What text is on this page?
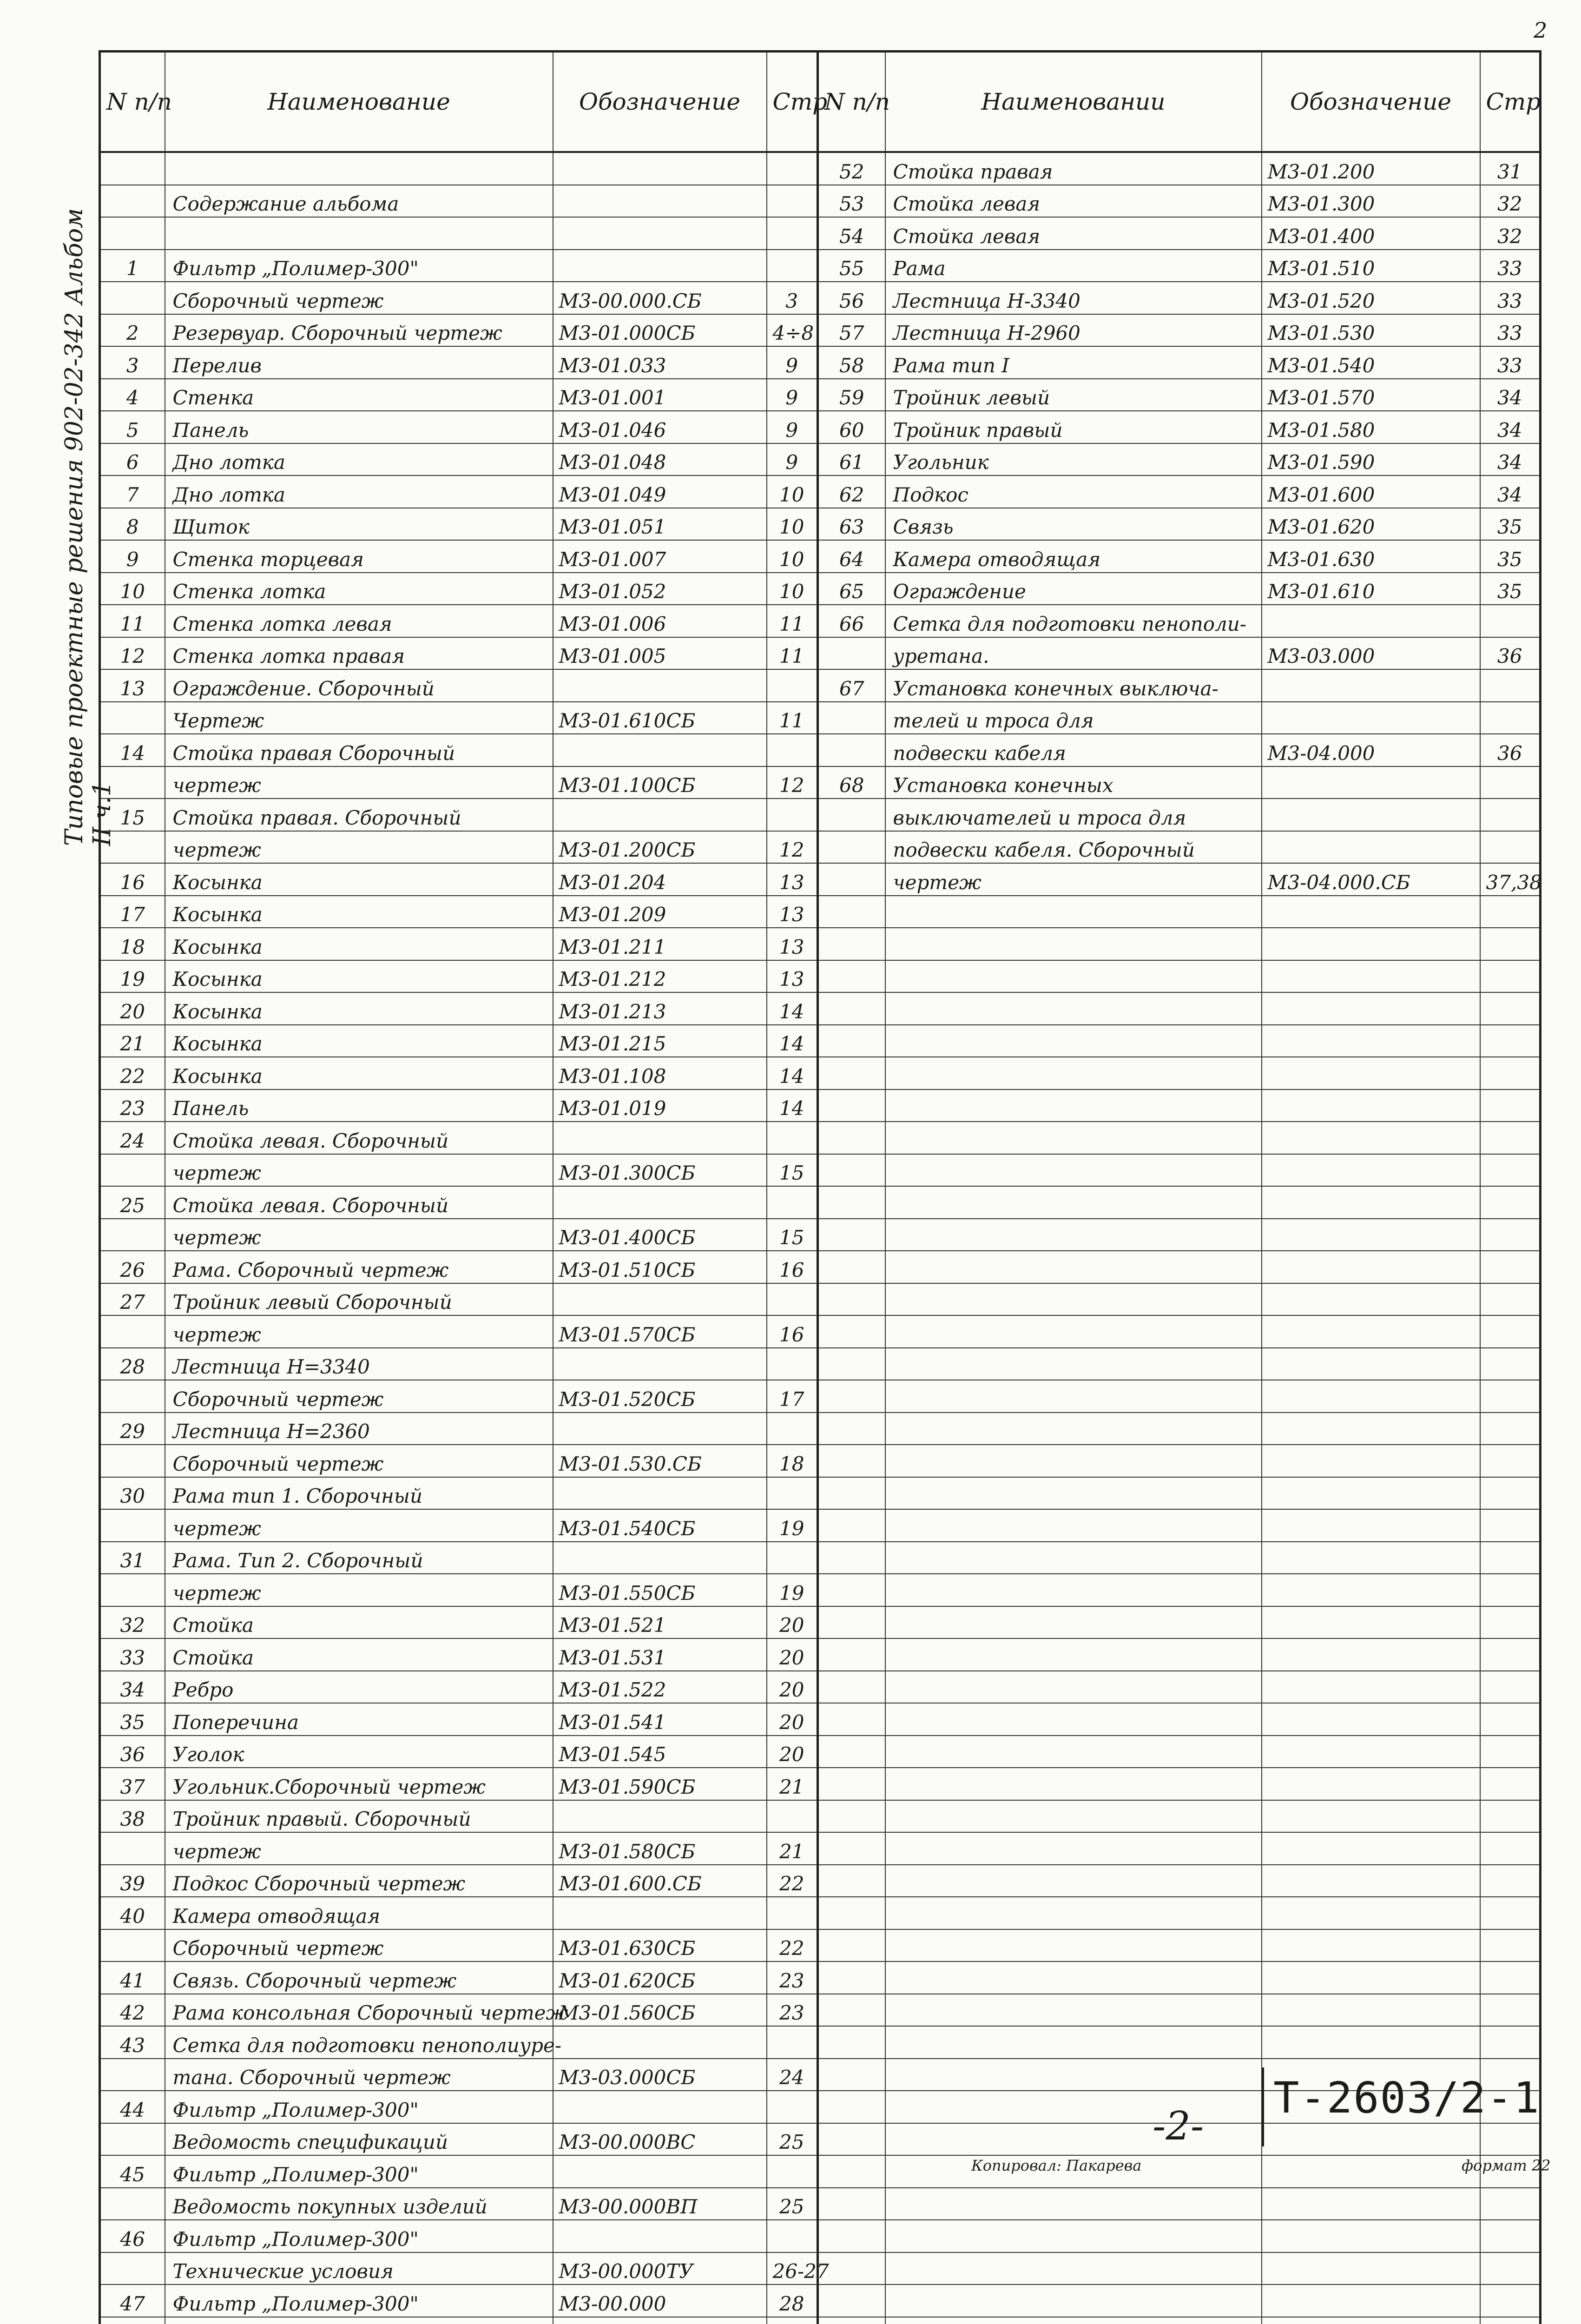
2
Типовые проектные решения 902-02-342 Альбом II ч.1
N п/п	Наименование	Обозначение	Стр

	Содержание альбома		

1	Фильтр „Полимер-300"		
	Сборочный чертеж	М3-00.000.СБ	3
2	Резервуар. Сборочный чертеж	М3-01.000СБ	4÷8
3	Перелив	М3-01.033	9
4	Стенка	М3-01.001	9
5	Панель	М3-01.046	9
6	Дно лотка	М3-01.048	9
7	Дно лотка	М3-01.049	10
8	Щиток	М3-01.051	10
9	Стенка торцевая	М3-01.007	10
10	Стенка лотка	М3-01.052	10
11	Стенка лотка левая	М3-01.006	11
12	Стенка лотка правая	М3-01.005	11
13	Ограждение. Сборочный		
	Чертеж	М3-01.610СБ	11
14	Стойка правая Сборочный		
	чертеж	М3-01.100СБ	12
15	Стойка правая. Сборочный		
	чертеж	М3-01.200СБ	12
16	Косынка	М3-01.204	13
17	Косынка	М3-01.209	13
18	Косынка	М3-01.211	13
19	Косынка	М3-01.212	13
20	Косынка	М3-01.213	14
21	Косынка	М3-01.215	14
22	Косынка	М3-01.108	14
23	Панель	М3-01.019	14
24	Стойка левая. Сборочный		
	чертеж	М3-01.300СБ	15
25	Стойка левая. Сборочный		
	чертеж	М3-01.400СБ	15
26	Рама. Сборочный чертеж	М3-01.510СБ	16
27	Тройник левый Сборочный		
	чертеж	М3-01.570СБ	16
28	Лестница Н=3340		
	Сборочный чертеж	М3-01.520СБ	17
29	Лестница Н=2360		
	Сборочный чертеж	М3-01.530.СБ	18
30	Рама тип 1. Сборочный		
	чертеж	М3-01.540СБ	19
31	Рама. Тип 2. Сборочный		
	чертеж	М3-01.550СБ	19
32	Стойка	М3-01.521	20
33	Стойка	М3-01.531	20
34	Ребро	М3-01.522	20
35	Поперечина	М3-01.541	20
36	Уголок	М3-01.545	20
37	Угольник.Сборочный чертеж	М3-01.590СБ	21
38	Тройник правый. Сборочный		
	чертеж	М3-01.580СБ	21
39	Подкос Сборочный чертеж	М3-01.600.СБ	22
40	Камера отводящая		
	Сборочный чертеж	М3-01.630СБ	22
41	Связь. Сборочный чертеж	М3-01.620СБ	23
42	Рама консольная Сборочный чертеж	М3-01.560СБ	23
43	Сетка для подготовки пенополиуре-		
	тана. Сборочный чертеж	М3-03.000СБ	24
44	Фильтр „Полимер-300"		
	Ведомость спецификаций	М3-00.000ВС	25
45	Фильтр „Полимер-300"		
	Ведомость покупных изделий	М3-00.000ВП	25
46	Фильтр „Полимер-300"		
	Технические условия	М3-00.000ТУ	26-27
47	Фильтр „Полимер-300"	М3-00.000	28

N п/п	Наименовании	Обозначение	Стр
52	Стойка правая	М3-01.200	31
53	Стойка левая	М3-01.300	32
54	Стойка левая	М3-01.400	32
55	Рама	М3-01.510	33
56	Лестница Н-3340	М3-01.520	33
57	Лестница Н-2960	М3-01.530	33
58	Рама тип I	М3-01.540	33
59	Тройник левый	М3-01.570	34
60	Тройник правый	М3-01.580	34
61	Угольник	М3-01.590	34
62	Подкос	М3-01.600	34
63	Связь	М3-01.620	35
64	Камера отводящая	М3-01.630	35
65	Ограждение	М3-01.610	35
66	Сетка для подготовки пенополи-		
	уретана.	М3-03.000	36
67	Установка конечных выключа-		
	телей и троса для		
	подвески кабеля	М3-04.000	36
68	Установка конечных		
	выключателей и троса для		
	подвески кабеля. Сборочный		
	чертеж	М3-04.000.СБ	37,38

-2-
Т-2603/2-1
Копировал: Пакарева	формат 22
